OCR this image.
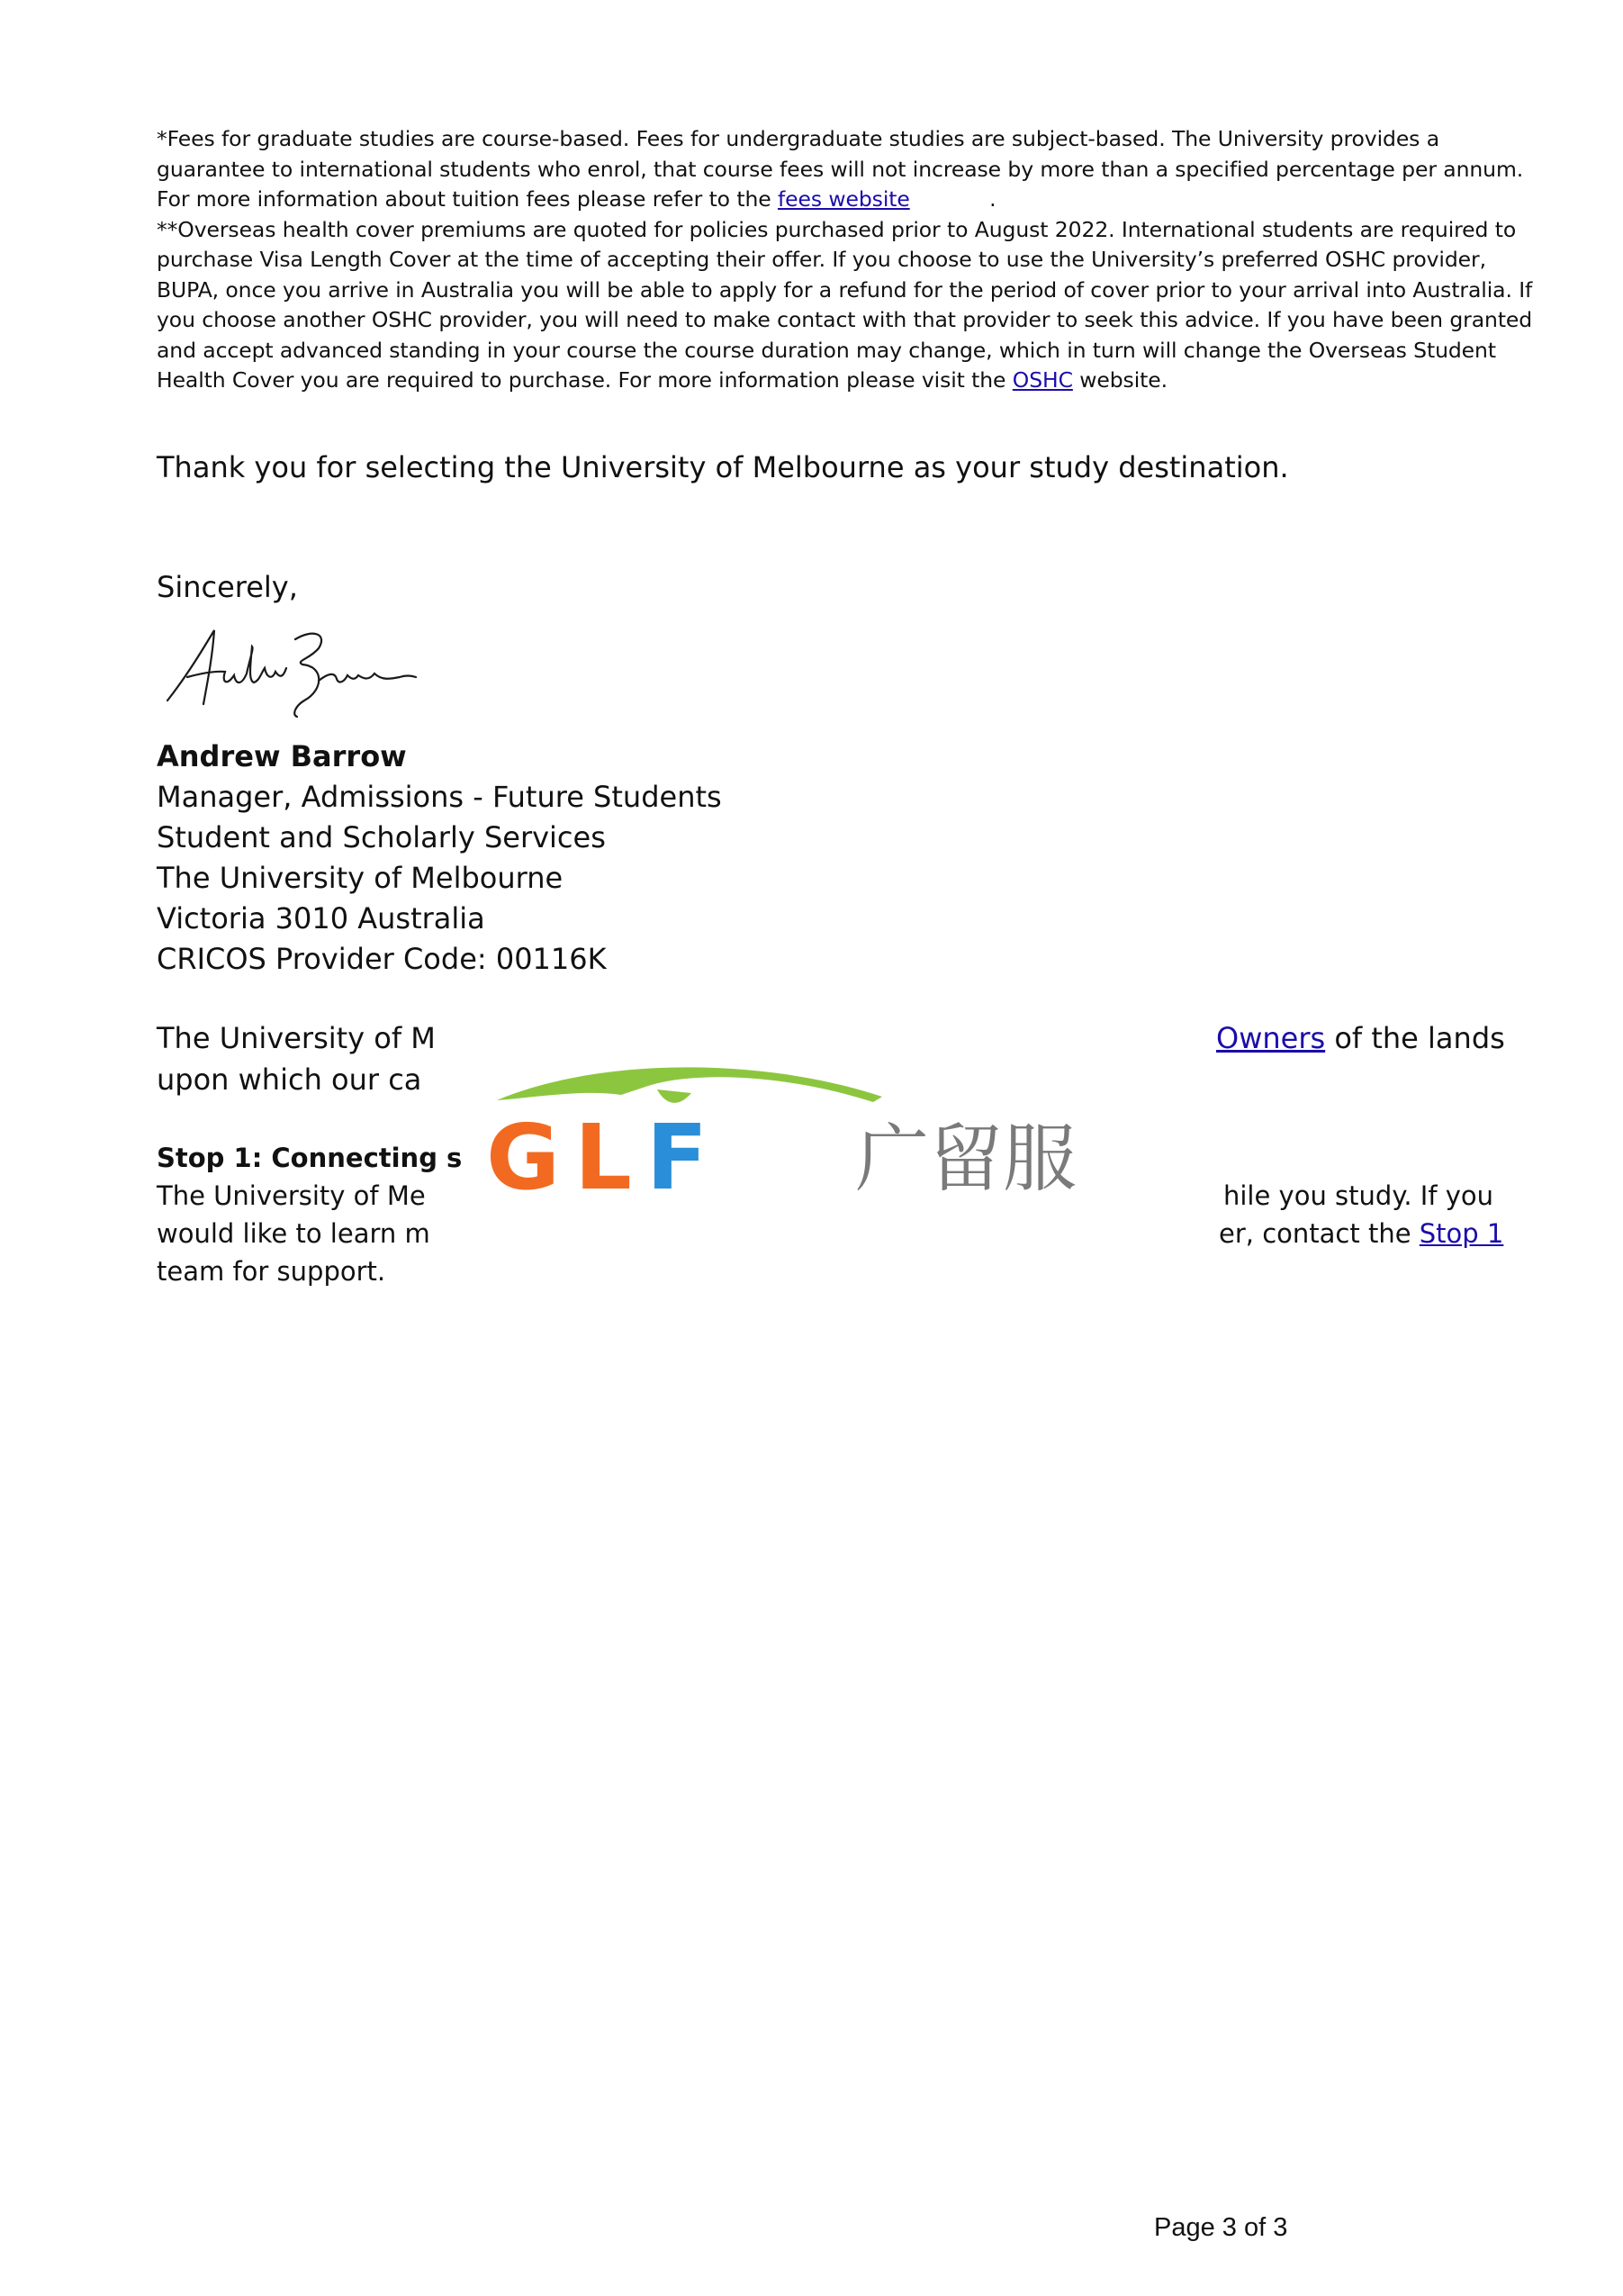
*Fees for graduate studies are course-based. Fees for undergraduate studies are subject-based. The University provides a guarantee to international students who enrol, that course fees will not increase by more than a specified percentage per annum. For more information about tuition fees please refer to the fees website            .

**Overseas health cover premiums are quoted for policies purchased prior to August 2022. International students are required to purchase Visa Length Cover at the time of accepting their offer. If you choose to use the University’s preferred OSHC provider, BUPA, once you arrive in Australia you will be able to apply for a refund for the period of cover prior to your arrival into Australia. If you choose another OSHC provider, you will need to make contact with that provider to seek this advice. If you have been granted and accept advanced standing in your course the course duration may change, which in turn will change the Overseas Student Health Cover you are required to purchase. For more information please visit the OSHC website.

Thank you for selecting the University of Melbourne as your study destination.

Sincerely,

Andrew Barrow
Manager, Admissions - Future Students
Student and Scholarly Services
The University of Melbourne
Victoria 3010 Australia
CRICOS Provider Code: 00116K
The University of M	Owners of the lands
upon which our ca

Stop 1: Connecting s

The University of Me	hile you study. If you

would like to learn m	er, contact the Stop 1

team for support.

GLF 广留服

Page 3 of 3
